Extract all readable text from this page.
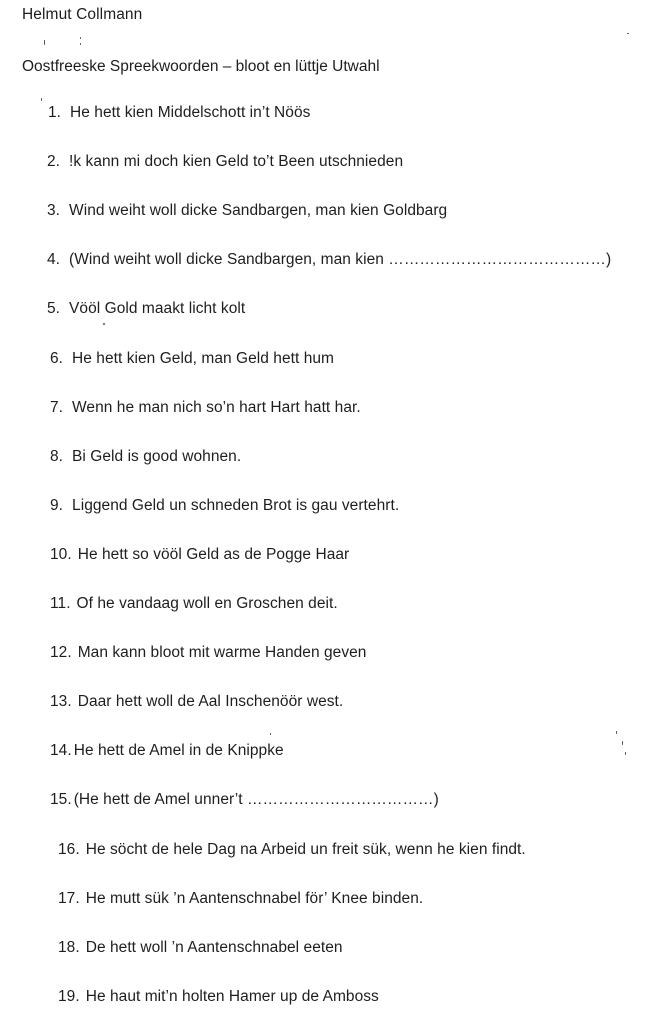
Helmut Collmann
Oostfreeske Spreekwoorden – bloot en lüttje Utwahl
1. He hett kien Middelschott in’t Nöös
2. !k kann mi doch kien Geld to’t Been utschnieden
3. Wind weiht woll dicke Sandbargen, man kien Goldbarg
4. (Wind weiht woll dicke Sandbargen, man kien ……………………………………)
5. Vööl Gold maakt licht kolt
6. He hett kien Geld, man Geld hett hum
7. Wenn he man nich so’n hart Hart hatt har.
8. Bi Geld is good wohnen.
9. Liggend Geld un schneden Brot is gau vertehrt.
10. He hett so vööl Geld as de Pogge Haar
11. Of he vandaag woll en Groschen deit.
12. Man kann bloot mit warme Handen geven
13. Daar hett woll de Aal Inschenöör west.
14. He hett de Amel in de Knippke
15. (He hett de Amel unner’t ………………………………)
16. He söcht de hele Dag na Arbeid un freit sük, wenn he kien findt.
17. He mutt sük ’n Aantenschnabel för’ Knee binden.
18. De hett woll ’n Aantenschnabel eeten
19. He haut mit’n holten Hamer up de Amboss
